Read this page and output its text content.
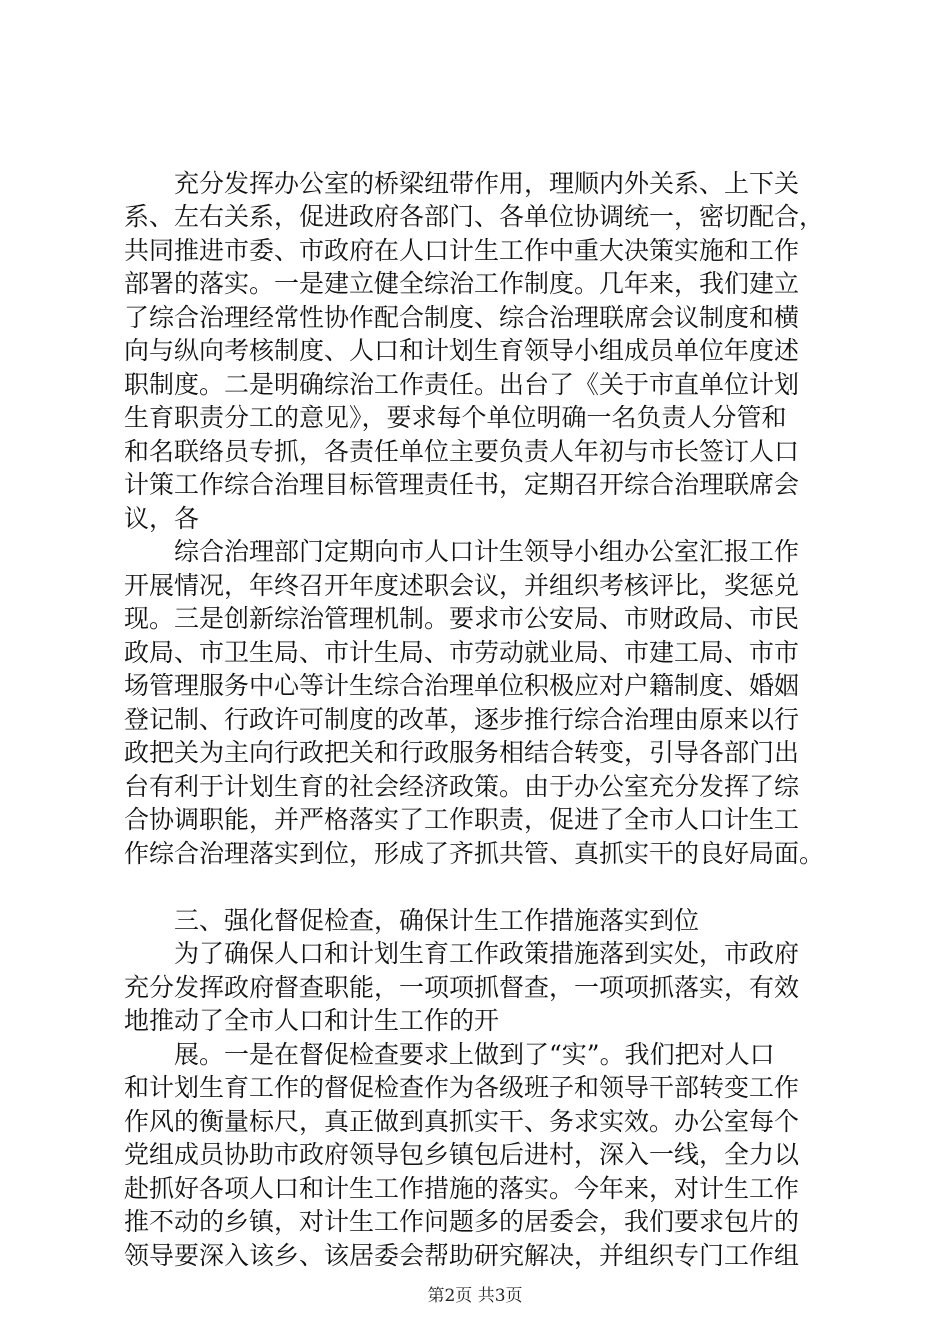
　　充分发挥办公室的桥梁纽带作用，理顺内外关系、上下关
系、左右关系，促进政府各部门、各单位协调统一，密切配合，
共同推进市委、市政府在人口计生工作中重大决策实施和工作
部署的落实。一是建立健全综治工作制度。几年来，我们建立
了综合治理经常性协作配合制度、综合治理联席会议制度和横
向与纵向考核制度、人口和计划生育领导小组成员单位年度述
职制度。二是明确综治工作责任。出台了《关于市直单位计划
生育职责分工的意见》，要求每个单位明确一名负责人分管和
和名联络员专抓，各责任单位主要负责人年初与市长签订人口
计策工作综合治理目标管理责任书，定期召开综合治理联席会
议，各
　　综合治理部门定期向市人口计生领导小组办公室汇报工作
开展情况，年终召开年度述职会议，并组织考核评比，奖惩兑
现。三是创新综治管理机制。要求市公安局、市财政局、市民
政局、市卫生局、市计生局、市劳动就业局、市建工局、市市
场管理服务中心等计生综合治理单位积极应对户籍制度、婚姻
登记制、行政许可制度的改革，逐步推行综合治理由原来以行
政把关为主向行政把关和行政服务相结合转变，引导各部门出
台有利于计划生育的社会经济政策。由于办公室充分发挥了综
合协调职能，并严格落实了工作职责，促进了全市人口计生工
作综合治理落实到位，形成了齐抓共管、真抓实干的良好局面。
　　三、强化督促检查，确保计生工作措施落实到位
　　为了确保人口和计划生育工作政策措施落到实处，市政府
充分发挥政府督查职能，一项项抓督查，一项项抓落实，有效
地推动了全市人口和计生工作的开
　　展。一是在督促检查要求上做到了“实”。我们把对人口
和计划生育工作的督促检查作为各级班子和领导干部转变工作
作风的衡量标尺，真正做到真抓实干、务求实效。办公室每个
党组成员协助市政府领导包乡镇包后进村，深入一线，全力以
赴抓好各项人口和计生工作措施的落实。今年来，对计生工作
推不动的乡镇，对计生工作问题多的居委会，我们要求包片的
领导要深入该乡、该居委会帮助研究解决，并组织专门工作组
第2页 共3页
